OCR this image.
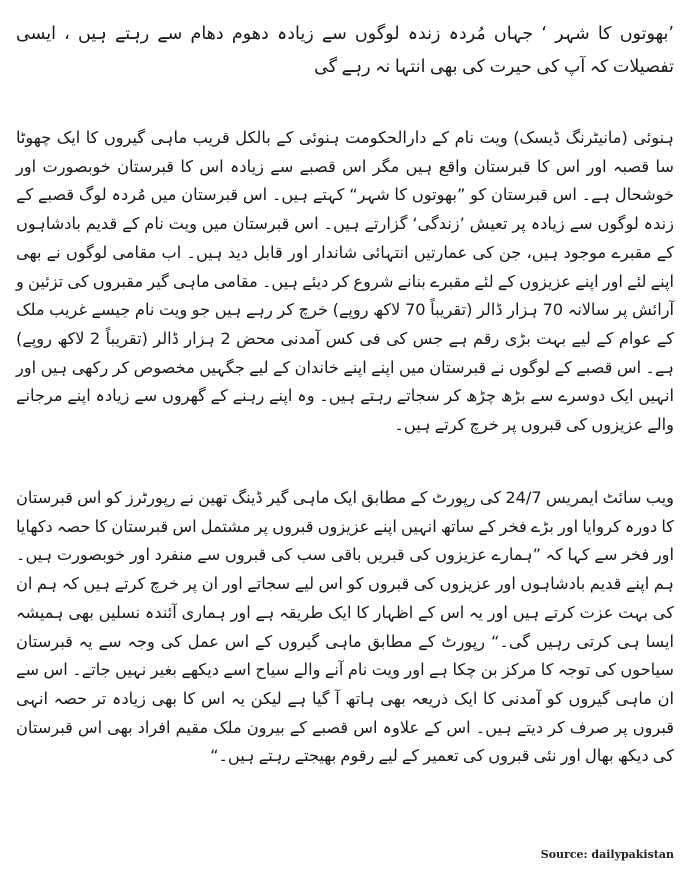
’بھوتوں کا شہر ‘ جہاں مُردہ زندہ لوگوں سے زیادہ دھوم دھام سے رہتے ہیں ، ایسی تفصیلات کہ آپ کی حیرت کی بھی انتہا نہ رہے گی
ہنوئی (مانیٹرنگ ڈیسک) ویت نام کے دارالحکومت ہنوئی کے بالکل قریب ماہی گیروں کا ایک چھوٹا سا قصبہ اور اس کا قبرستان واقع ہیں مگر اس قصبے سے زیادہ اس کا قبرستان خوبصورت اور خوشحال ہے۔ اس قبرستان کو ”بھوتوں کا شہر“ کہتے ہیں۔ اس قبرستان میں مُردہ لوگ قصبے کے زندہ لوگوں سے زیادہ پر تعیش ’زندگی‘ گزارتے ہیں۔ اس قبرستان میں ویت نام کے قدیم بادشاہوں کے مقبرے موجود ہیں، جن کی عمارتیں انتہائی شاندار اور قابل دید ہیں۔ اب مقامی لوگوں نے بھی اپنے لئے اور اپنے عزیزوں کے لئے مقبرے بنانے شروع کر دیئے ہیں۔ مقامی ماہی گیر مقبروں کی تزئین و آرائش پر سالانہ 70 ہزار ڈالر (تقریباً 70 لاکھ روپے) خرچ کر رہے ہیں جو ویت نام جیسے غریب ملک کے عوام کے لیے بہت بڑی رقم ہے جس کی فی کس آمدنی محض 2 ہزار ڈالر (تقریباً 2 لاکھ روپے) ہے۔ اس قصبے کے لوگوں نے قبرستان میں اپنے اپنے خاندان کے لیے جگہیں مخصوص کر رکھی ہیں اور انہیں ایک دوسرے سے بڑھ چڑھ کر سجاتے رہتے ہیں۔ وہ اپنے رہنے کے گھروں سے زیادہ اپنے مرجانے والے عزیزوں کی قبروں پر خرچ کرتے ہیں۔
ویب سائٹ ایمریس 24/7 کی رپورٹ کے مطابق ایک ماہی گیر ڈینگ تھین نے رپورٹرز کو اس قبرستان کا دورہ کروایا اور بڑے فخر کے ساتھ انہیں اپنے عزیزوں قبروں پر مشتمل اس قبرستان کا حصہ دکھایا اور فخر سے کہا کہ ”ہمارے عزیزوں کی قبریں باقی سب کی قبروں سے منفرد اور خوبصورت ہیں۔ ہم اپنے قدیم بادشاہوں اور عزیزوں کی قبروں کو اس لیے سجاتے اور ان پر خرچ کرتے ہیں کہ ہم ان کی بہت عزت کرتے ہیں اور یہ اس کے اظہار کا ایک طریقہ ہے اور ہماری آئندہ نسلیں بھی ہمیشہ ایسا ہی کرتی رہیں گی۔“ رپورٹ کے مطابق ماہی گیروں کے اس عمل کی وجہ سے یہ قبرستان سیاحوں کی توجہ کا مرکز بن چکا ہے اور ویت نام آنے والے سیاح اسے دیکھے بغیر نہیں جاتے۔ اس سے ان ماہی گیروں کو آمدنی کا ایک ذریعہ بھی ہاتھ آ گیا ہے لیکن یہ اس کا بھی زیادہ تر حصہ انہی قبروں پر صرف کر دیتے ہیں۔ اس کے علاوہ اس قصبے کے بیرون ملک مقیم افراد بھی اس قبرستان کی دیکھ بھال اور نئی قبروں کی تعمیر کے لیے رقوم بھیجتے رہتے ہیں۔“
Source: dailypakistan
